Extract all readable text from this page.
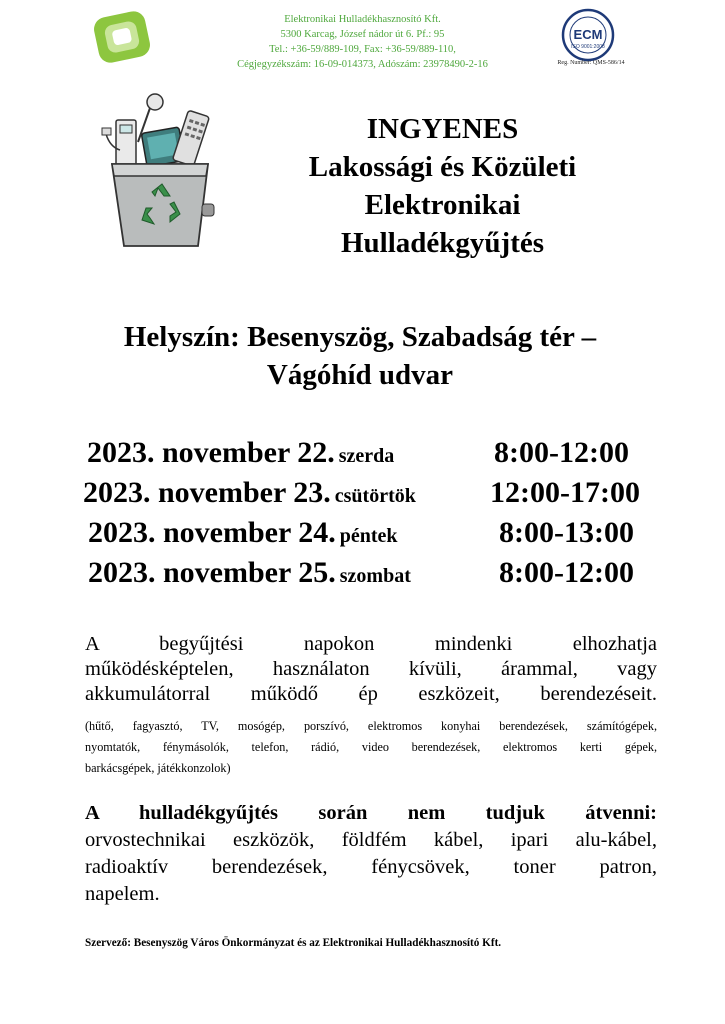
Elektronikai Hulladékhasznosító Kft.
5300 Karcag, József nádor út 6. Pf.: 95
Tel.: +36-59/889-109, Fax: +36-59/889-110,
Cégjegyzékszám: 16-09-014373, Adószám: 23978490-2-16
ECM
ISO 9001:2008
Reg. Number: QMS-586/14
INGYENES
Lakossági és Közületi
Elektronikai
Hulladékgyűjtés
Helyszín: Besenyszög, Szabadság tér –
Vágóhíd udvar
2023. november 22. szerda	8:00-12:00
2023. november 23. csütörtök 12:00-17:00
2023. november 24. péntek	8:00-13:00
2023. november 25. szombat	8:00-12:00
A begyűjtési napokon mindenki elhozhatja
működésképtelen, használaton kívüli, árammal, vagy
akkumulátorral működő ép eszközeit, berendezéseit.
(hűtő, fagyasztó, TV, mosógép, porszívó, elektromos konyhai berendezések, számítógépek,
nyomtatók, fénymásolók, telefon, rádió, video berendezések, elektromos kerti gépek,
barkácsgépek, játékkonzolok)
A hulladékgyűjtés során nem tudjuk átvenni:
orvostechnikai eszközök, földfém kábel, ipari alu-kábel,
radioaktív berendezések, fénycsövek, toner patron,
napelem.
Szervező: Besenyszög Város Önkormányzat és az Elektronikai Hulladékhasznosító Kft.
